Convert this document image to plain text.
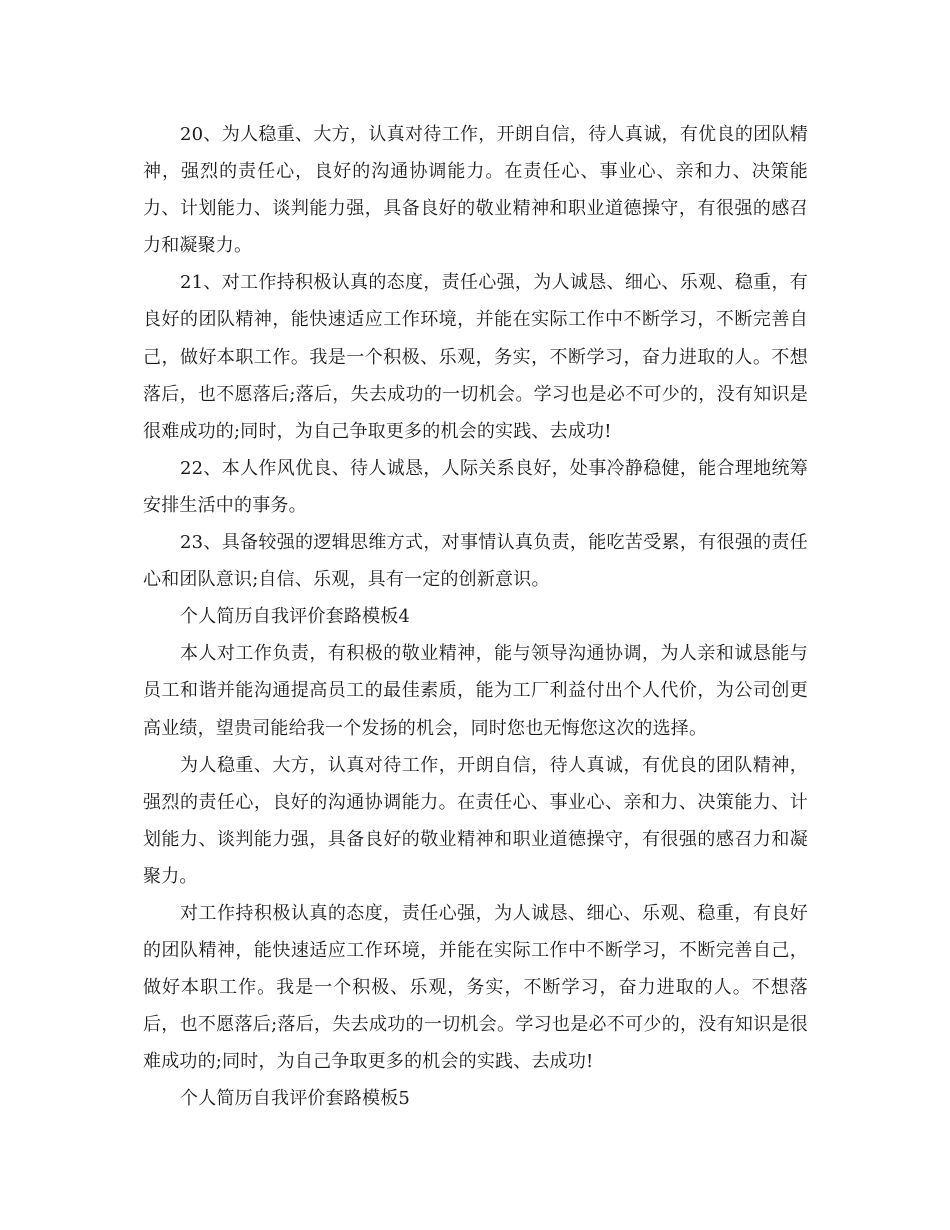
20、为人稳重、大方，认真对待工作，开朗自信，待人真诚，有优良的团队精神，强烈的责任心，良好的沟通协调能力。在责任心、事业心、亲和力、决策能力、计划能力、谈判能力强，具备良好的敬业精神和职业道德操守，有很强的感召力和凝聚力。

21、对工作持积极认真的态度，责任心强，为人诚恳、细心、乐观、稳重，有良好的团队精神，能快速适应工作环境，并能在实际工作中不断学习，不断完善自己，做好本职工作。我是一个积极、乐观，务实，不断学习，奋力进取的人。不想落后，也不愿落后;落后，失去成功的一切机会。学习也是必不可少的，没有知识是很难成功的;同时，为自己争取更多的机会的实践、去成功!

22、本人作风优良、待人诚恳，人际关系良好，处事冷静稳健，能合理地统筹安排生活中的事务。

23、具备较强的逻辑思维方式，对事情认真负责，能吃苦受累，有很强的责任心和团队意识;自信、乐观，具有一定的创新意识。

个人简历自我评价套路模板4

本人对工作负责，有积极的敬业精神，能与领导沟通协调，为人亲和诚恳能与员工和谐并能沟通提高员工的最佳素质，能为工厂利益付出个人代价，为公司创更高业绩，望贵司能给我一个发扬的机会，同时您也无悔您这次的选择。

为人稳重、大方，认真对待工作，开朗自信，待人真诚，有优良的团队精神，强烈的责任心，良好的沟通协调能力。在责任心、事业心、亲和力、决策能力、计划能力、谈判能力强，具备良好的敬业精神和职业道德操守，有很强的感召力和凝聚力。

对工作持积极认真的态度，责任心强，为人诚恳、细心、乐观、稳重，有良好的团队精神，能快速适应工作环境，并能在实际工作中不断学习，不断完善自己，做好本职工作。我是一个积极、乐观，务实，不断学习，奋力进取的人。不想落后，也不愿落后;落后，失去成功的一切机会。学习也是必不可少的，没有知识是很难成功的;同时，为自己争取更多的机会的实践、去成功!

个人简历自我评价套路模板5
